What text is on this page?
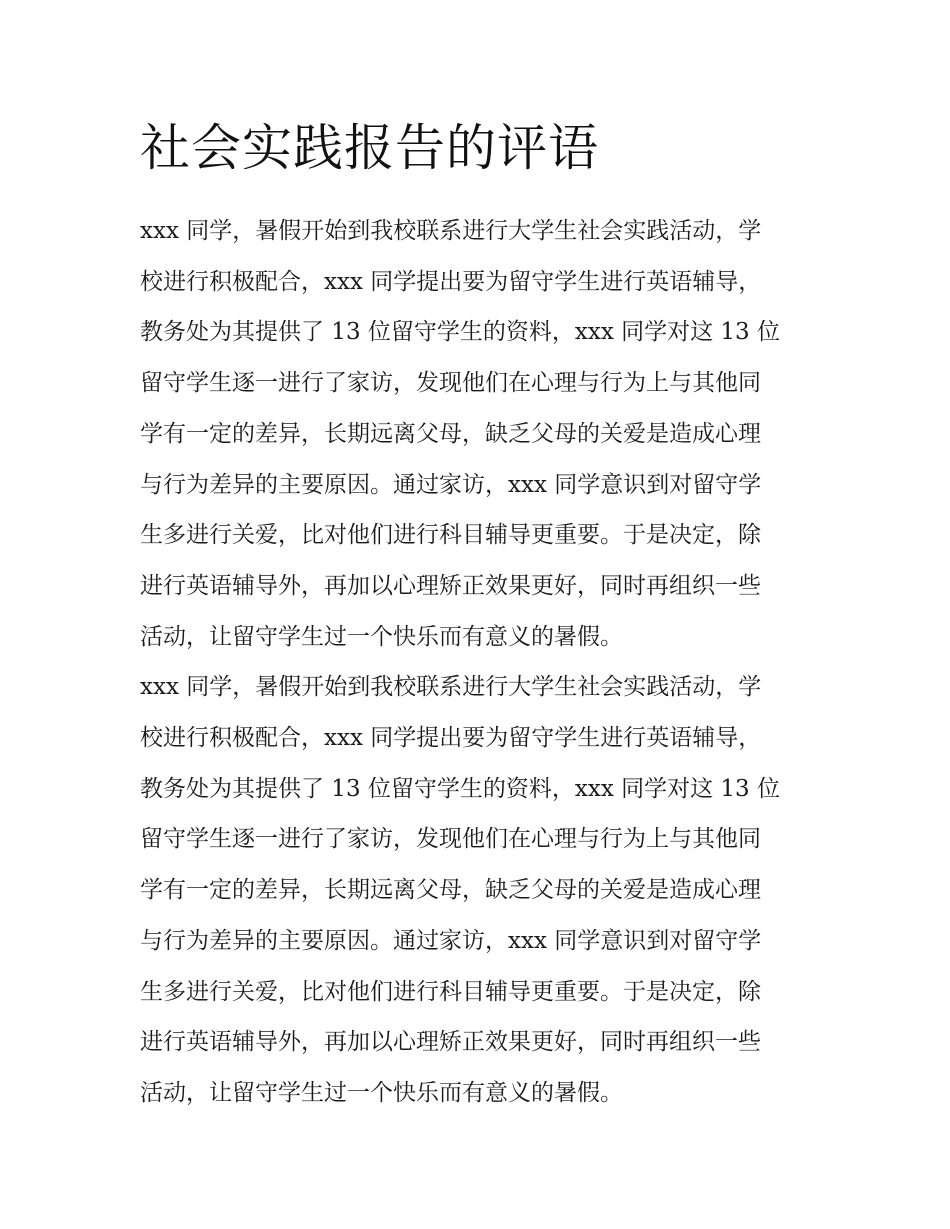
社会实践报告的评语

xxx 同学，暑假开始到我校联系进行大学生社会实践活动，学
校进行积极配合，xxx 同学提出要为留守学生进行英语辅导，
教务处为其提供了 13 位留守学生的资料，xxx 同学对这 13 位
留守学生逐一进行了家访，发现他们在心理与行为上与其他同
学有一定的差异，长期远离父母，缺乏父母的关爱是造成心理
与行为差异的主要原因。通过家访，xxx 同学意识到对留守学
生多进行关爱，比对他们进行科目辅导更重要。于是决定，除
进行英语辅导外，再加以心理矫正效果更好，同时再组织一些
活动，让留守学生过一个快乐而有意义的暑假。

xxx 同学，暑假开始到我校联系进行大学生社会实践活动，学
校进行积极配合，xxx 同学提出要为留守学生进行英语辅导，
教务处为其提供了 13 位留守学生的资料，xxx 同学对这 13 位
留守学生逐一进行了家访，发现他们在心理与行为上与其他同
学有一定的差异，长期远离父母，缺乏父母的关爱是造成心理
与行为差异的主要原因。通过家访，xxx 同学意识到对留守学
生多进行关爱，比对他们进行科目辅导更重要。于是决定，除
进行英语辅导外，再加以心理矫正效果更好，同时再组织一些
活动，让留守学生过一个快乐而有意义的暑假。
